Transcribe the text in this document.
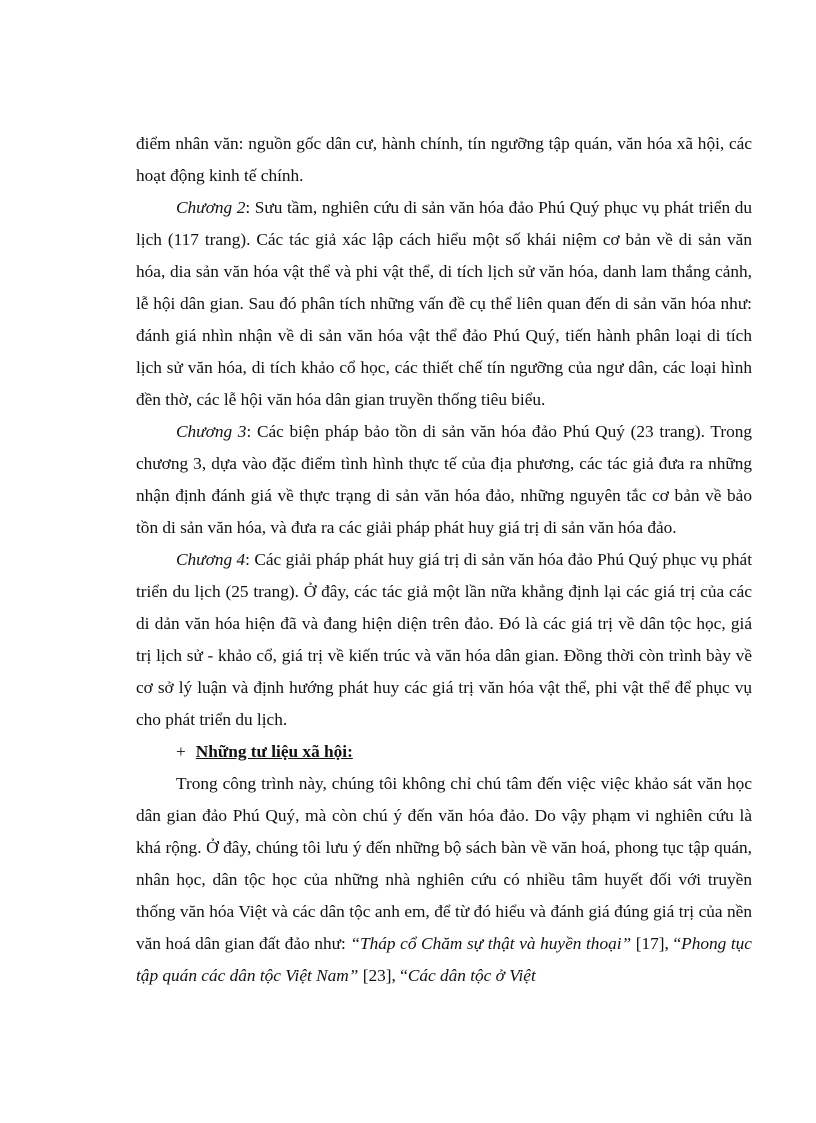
điểm nhân văn: nguồn gốc dân cư, hành chính, tín ngưỡng tập quán, văn hóa xã hội, các hoạt động kinh tế chính.

Chương 2: Sưu tầm, nghiên cứu di sản văn hóa đảo Phú Quý phục vụ phát triển du lịch (117 trang). Các tác giả xác lập cách hiểu một số khái niệm cơ bản về di sản văn hóa, dia sản văn hóa vật thể và phi vật thể, di tích lịch sử văn hóa, danh lam thắng cảnh, lễ hội dân gian. Sau đó phân tích những vấn đề cụ thể liên quan đến di sản văn hóa như: đánh giá nhìn nhận về di sản văn hóa vật thể đảo Phú Quý, tiến hành phân loại di tích lịch sử văn hóa, di tích khảo cổ học, các thiết chế tín ngưỡng của ngư dân, các loại hình đền thờ, các lễ hội văn hóa dân gian truyền thống tiêu biểu.

Chương 3: Các biện pháp bảo tồn di sản văn hóa đảo Phú Quý (23 trang). Trong chương 3, dựa vào đặc điểm tình hình thực tế của địa phương, các tác giả đưa ra những nhận định đánh giá về thực trạng di sản văn hóa đảo, những nguyên tắc cơ bản về bảo tồn di sản văn hóa, và đưa ra các giải pháp phát huy giá trị di sản văn hóa đảo.

Chương 4: Các giải pháp phát huy giá trị di sản văn hóa đảo Phú Quý phục vụ phát triển du lịch (25 trang). Ở đây, các tác giả một lần nữa khẳng định lại các giá trị của các di dản văn hóa hiện đã và đang hiện diện trên đảo. Đó là các giá trị về dân tộc học, giá trị lịch sử - khảo cổ, giá trị về kiến trúc và văn hóa dân gian. Đồng thời còn trình bày về cơ sở lý luận và định hướng phát huy các giá trị văn hóa vật thể, phi vật thể để phục vụ cho phát triển du lịch.

+ Những tư liệu xã hội:

Trong công trình này, chúng tôi không chỉ chú tâm đến việc việc khảo sát văn học dân gian đảo Phú Quý, mà còn chú ý đến văn hóa đảo. Do vậy phạm vi nghiên cứu là khá rộng. Ở đây, chúng tôi lưu ý đến những bộ sách bàn về văn hoá, phong tục tập quán, nhân học, dân tộc học của những nhà nghiên cứu có nhiều tâm huyết đối với truyền thống văn hóa Việt và các dân tộc anh em, để từ đó hiểu và đánh giá đúng giá trị của nền văn hoá dân gian đất đảo như: “Tháp cổ Chăm sự thật và huyền thoại” [17], “Phong tục tập quán các dân tộc Việt Nam” [23], “Các dân tộc ở Việt
